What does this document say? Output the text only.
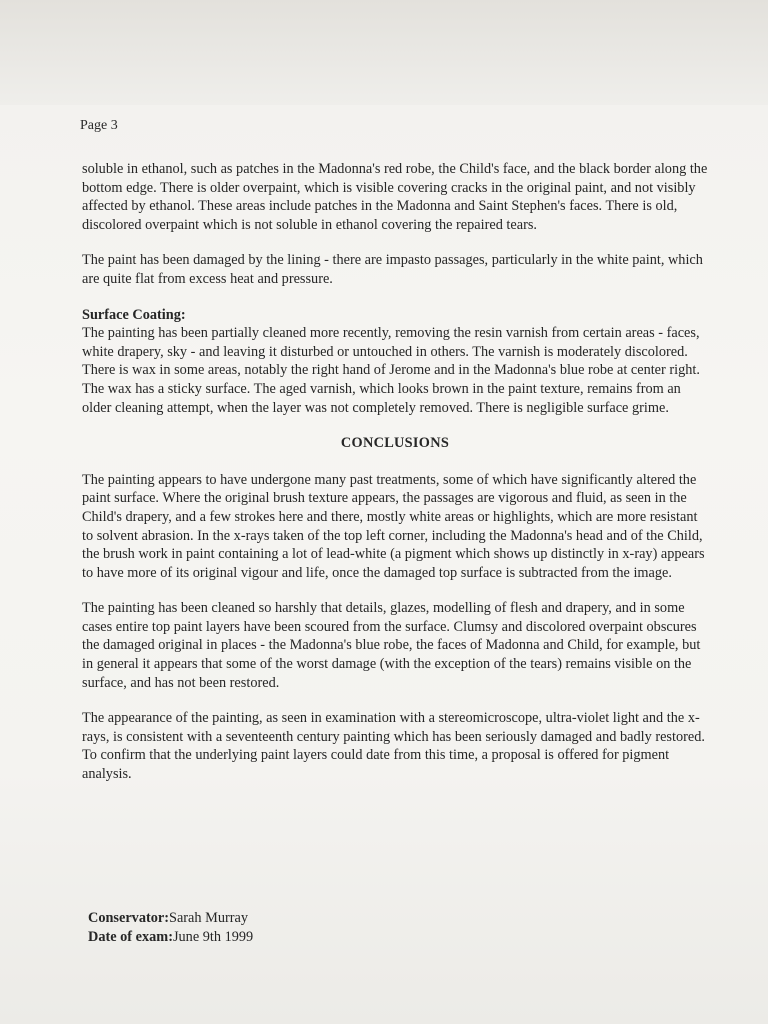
Page 3

soluble in ethanol, such as patches in the Madonna's red robe, the Child's face, and the black border along the bottom edge. There is older overpaint, which is visible covering cracks in the original paint, and not visibly affected by ethanol. These areas include patches in the Madonna and Saint Stephen's faces. There is old, discolored overpaint which is not soluble in ethanol covering the repaired tears.

The paint has been damaged by the lining - there are impasto passages, particularly in the white paint, which are quite flat from excess heat and pressure.

Surface Coating:
The painting has been partially cleaned more recently, removing the resin varnish from certain areas - faces, white drapery, sky - and leaving it disturbed or untouched in others. The varnish is moderately discolored. There is wax in some areas, notably the right hand of Jerome and in the Madonna's blue robe at center right. The wax has a sticky surface. The aged varnish, which looks brown in the paint texture, remains from an older cleaning attempt, when the layer was not completely removed. There is negligible surface grime.

CONCLUSIONS

The painting appears to have undergone many past treatments, some of which have significantly altered the paint surface. Where the original brush texture appears, the passages are vigorous and fluid, as seen in the Child's drapery, and a few strokes here and there, mostly white areas or highlights, which are more resistant to solvent abrasion. In the x-rays taken of the top left corner, including the Madonna's head and of the Child, the brush work in paint containing a lot of lead-white (a pigment which shows up distinctly in x-ray) appears to have more of its original vigour and life, once the damaged top surface is subtracted from the image.

The painting has been cleaned so harshly that details, glazes, modelling of flesh and drapery, and in some cases entire top paint layers have been scoured from the surface. Clumsy and discolored overpaint obscures the damaged original in places - the Madonna's blue robe, the faces of Madonna and Child, for example, but in general it appears that some of the worst damage (with the exception of the tears) remains visible on the surface, and has not been restored.

The appearance of the painting, as seen in examination with a stereomicroscope, ultra-violet light and the x-rays, is consistent with a seventeenth century painting which has been seriously damaged and badly restored. To confirm that the underlying paint layers could date from this time, a proposal is offered for pigment analysis.

Conservator:Sarah Murray
Date of exam:June 9th 1999
